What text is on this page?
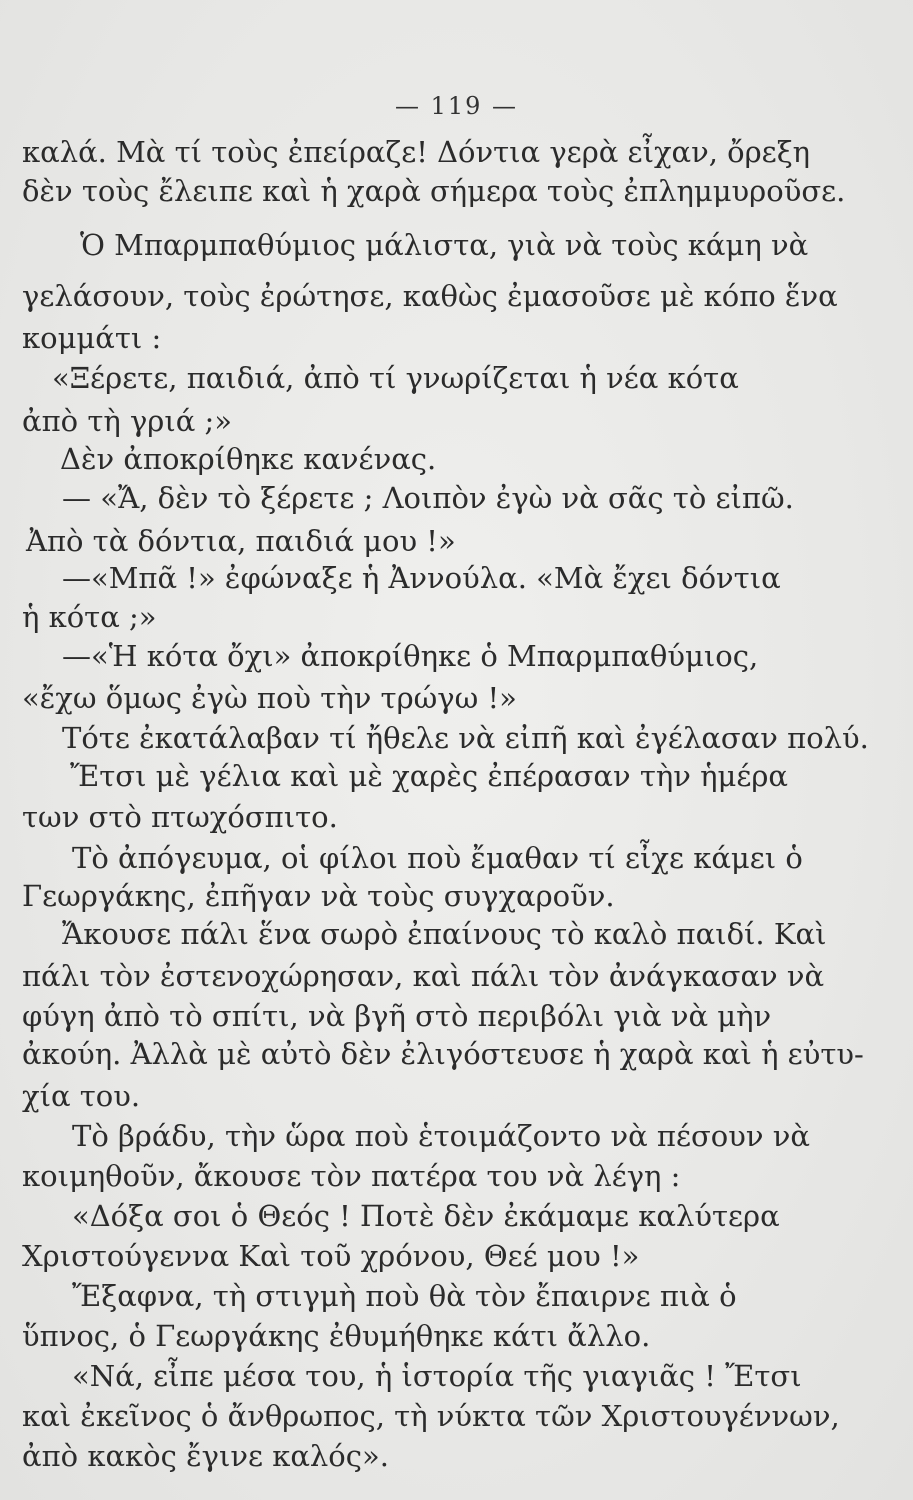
— 119 —
καλά. Μὰ τί τοὺς ἐπείραζε! Δόντια γερὰ εἶχαν, ὄρεξη
δὲν τοὺς ἔλειπε καὶ ἡ χαρὰ σήμερα τοὺς ἐπλημμυροῦσε.
Ὁ Μπαρμπαθύμιος μάλιστα, γιὰ νὰ τοὺς κάμη νὰ
γελάσουν, τοὺς ἐρώτησε, καθὼς ἐμασοῦσε μὲ κόπο ἕνα
κομμάτι :
«Ξέρετε, παιδιά, ἀπὸ τί γνωρίζεται ἡ νέα κότα
ἀπὸ τὴ γριά ;»
Δὲν ἀποκρίθηκε κανένας.
— «Ἄ, δὲν τὸ ξέρετε ; Λοιπὸν ἐγὼ νὰ σᾶς τὸ εἰπῶ.
Ἀπὸ τὰ δόντια, παιδιά μου !»
—«Μπᾶ !» ἐφώναξε ἡ Ἀννούλα. «Μὰ ἔχει δόντια
ἡ κότα ;»
—«Ἡ κότα ὄχι» ἀποκρίθηκε ὁ Μπαρμπαθύμιος,
«ἔχω ὅμως ἐγὼ ποὺ τὴν τρώγω !»
Τότε ἐκατάλαβαν τί ἤθελε νὰ εἰπῆ καὶ ἐγέλασαν πολύ.
Ἔτσι μὲ γέλια καὶ μὲ χαρὲς ἐπέρασαν τὴν ἡμέρα
των στὸ πτωχόσπιτο.
Τὸ ἀπόγευμα, οἱ φίλοι ποὺ ἔμαθαν τί εἶχε κάμει ὁ
Γεωργάκης, ἐπῆγαν νὰ τοὺς συγχαροῦν.
Ἄκουσε πάλι ἕνα σωρὸ ἐπαίνους τὸ καλὸ παιδί. Καὶ
πάλι τὸν ἐστενοχώρησαν, καὶ πάλι τὸν ἀνάγκασαν νὰ
φύγη ἀπὸ τὸ σπίτι, νὰ βγῆ στὸ περιβόλι γιὰ νὰ μὴν
ἀκούη. Ἀλλὰ μὲ αὐτὸ δὲν ἐλιγόστευσε ἡ χαρὰ καὶ ἡ εὐτυ-
χία του.
Τὸ βράδυ, τὴν ὥρα ποὺ ἑτοιμάζοντο νὰ πέσουν νὰ
κοιμηθοῦν, ἄκουσε τὸν πατέρα του νὰ λέγη :
«Δόξα σοι ὁ Θεός ! Ποτὲ δὲν ἐκάμαμε καλύτερα
Χριστούγεννα Καὶ τοῦ χρόνου, Θεέ μου !»
Ἔξαφνα, τὴ στιγμὴ ποὺ θὰ τὸν ἔπαιρνε πιὰ ὁ
ὕπνος, ὁ Γεωργάκης ἐθυμήθηκε κάτι ἄλλο.
«Νά, εἶπε μέσα του, ἡ ἱστορία τῆς γιαγιᾶς ! Ἔτσι
καὶ ἐκεῖνος ὁ ἄνθρωπος, τὴ νύκτα τῶν Χριστουγέννων,
ἀπὸ κακὸς ἔγινε καλός».
